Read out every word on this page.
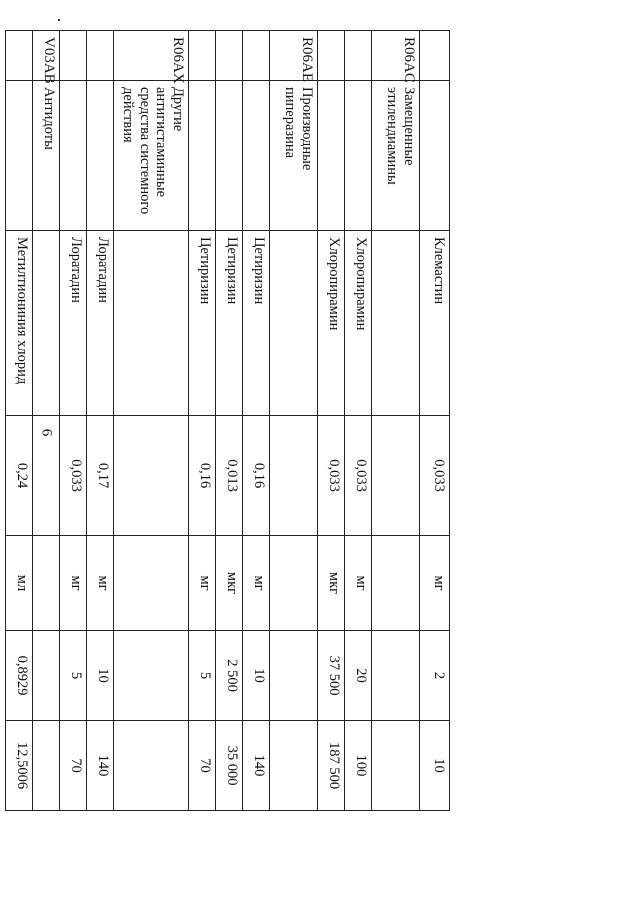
6
		Клемастин	0,033	мг	2	10
R06AC	Замещенные этилендиамины					
		Хлоропирамин	0,033	мг	20	100
		Хлоропирамин	0,033	мкг	37 500	187 500
R06AE	Производные пиперазина					
		Цетиризин	0,16	мг	10	140
		Цетиризин	0,013	мкг	2 500	35 000
		Цетиризин	0,16	мг	5	70
R06AX	Другие антигистаминные средства системного действия					
		Лоратадин	0,17	мг	10	140
		Лоратадин	0,033	мг	5	70
V03AB	Антидоты					
		Метилтиониния хлорид	0,24	мл	0,8929	12,5006
